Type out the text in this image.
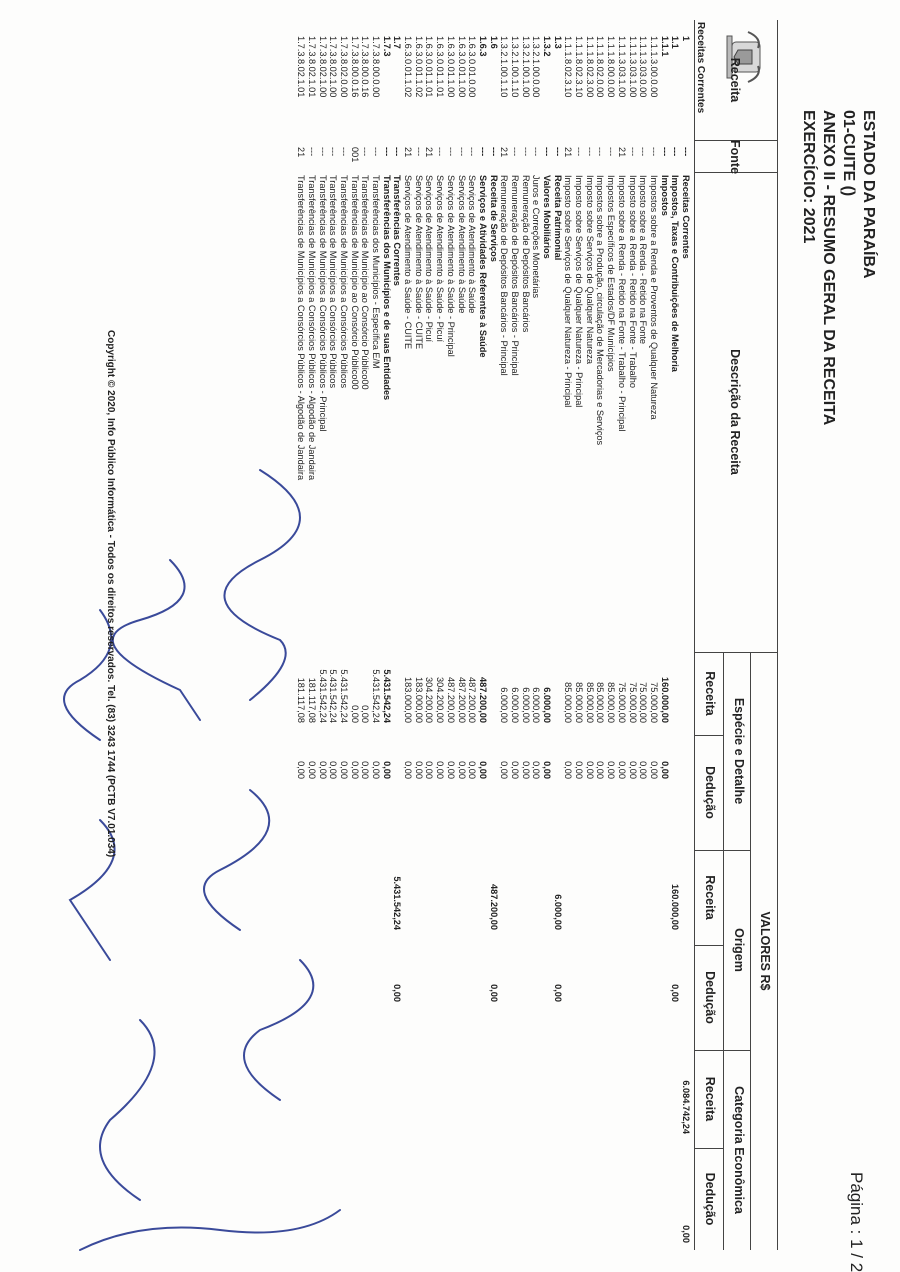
ESTADO DA PARAÍBA
01-CUITE ()
ANEXO II - RESUMO GERAL DA RECEITA
EXERCÍCIO: 2021
Página : 1 / 2
Receita
Fonte
Descrição da Receita
VALORES R$
Espécie e Detalhe
Origem
Categoria Econômica
Receita
Dedução
Receita
Dedução
Receita
Dedução
Receitas Correntes
1
---
Receitas Correntes
6.084.742,24
0,00
1.1
---
Impostos, Taxas e Contribuições de Melhoria
160.000,00
0,00
1.1.1
---
Impostos
160.000,00
0,00
1.1.1.3.00.0.00
---
Impostos sobre a Renda e Proventos de Qualquer Natureza
75.000,00
0,00
1.1.1.3.03.0.00
---
Imposto sobre a Renda - Retido na Fonte
75.000,00
0,00
1.1.1.3.03.1.00
---
Imposto sobre a Renda - Retido na Fonte - Trabalho
75.000,00
0,00
1.1.1.3.03.1.00
21
Imposto sobre a Renda - Retido na Fonte - Trabalho - Principal
75.000,00
0,00
1.1.1.8.00.0.00
---
Impostos Específicos de Estados/DF Municípios
85.000,00
0,00
1.1.1.8.02.0.00
---
Impostos sobre a Produção, circulação de Mercadorias e Serviços
85.000,00
0,00
1.1.1.8.02.3.00
---
Imposto sobre Serviços de Qualquer Natureza
85.000,00
0,00
1.1.1.8.02.3.10
---
Imposto sobre Serviços de Qualquer Natureza - Principal
85.000,00
0,00
1.1.1.8.02.3.10
21
Imposto sobre Serviços de Qualquer Natureza - Principal
85.000,00
0,00
1.3
---
Receita Patrimonial
6.000,00
0,00
1.3.2
---
Valores Mobiliários
6.000,00
0,00
1.3.2.1.00.0.00
---
Juros e Correções Monetárias
6.000,00
0,00
1.3.2.1.00.1.00
---
Remuneração de Depósitos Bancários
6.000,00
0,00
1.3.2.1.00.1.10
---
Remuneração de Depósitos Bancários - Principal
6.000,00
0,00
1.3.2.1.00.1.10
21
Remuneração de Depósitos Bancários - Principal
6.000,00
0,00
1.6
---
Receita de Serviços
487.200,00
0,00
1.6.3
---
Serviços e Atividades Referentes à Saúde
487.200,00
0,00
1.6.3.0.01.0.00
---
Serviços de Atendimento à Saúde
487.200,00
0,00
1.6.3.0.01.1.00
---
Serviços de Atendimento à Saúde
487.200,00
0,00
1.6.3.0.01.1.00
---
Serviços de Atendimento à Saúde - Principal
487.200,00
0,00
1.6.3.0.01.1.01
---
Serviços de Atendimento à Saúde - Picuí
304.200,00
0,00
1.6.3.0.01.1.01
21
Serviços de Atendimento à Saúde - Picuí
304.200,00
0,00
1.6.3.0.01.1.02
---
Serviços de Atendimento à Saúde - CUITE
183.000,00
0,00
1.6.3.0.01.1.02
21
Serviços de Atendimento à Saúde - CUITE
183.000,00
0,00
1.7
---
Transferências Correntes
5.431.542,24
0,00
1.7.3
---
Transferências dos Municípios e de suas Entidades
5.431.542,24
0,00
1.7.3.8.00.0.00
---
Transferências dos Municípios - Específica E/M
5.431.542,24
0,00
1.7.3.8.00.0.16
---
Transferências de Município ao Consórcio Público00
0,00
0,00
1.7.3.8.00.0.16
001
Transferências de Município ao Consórcio Público00
0,00
0,00
1.7.3.8.02.0.00
---
Transferências de Municípios a Consórcios Públicos
5.431.542,24
0,00
1.7.3.8.02.1.00
---
Transferências de Municípios a Consórcios Públicos
5.431.542,24
0,00
1.7.3.8.02.1.00
---
Transferências de Municípios a Consórcios Públicos - Principal
5.431.542,24
0,00
1.7.3.8.02.1.01
---
Transferências de Municípios a Consórcios Públicos - Algodão de Jandaira
181.117,08
0,00
1.7.3.8.02.1.01
21
Transferências de Municípios a Consórcios Públicos - Algodão de Jandaira
181.117,08
0,00
Copyright © 2020, Info Público Informática - Todos os direitos reservados. Tel. (83) 3243 1744 (PCTB V7.01.034)
